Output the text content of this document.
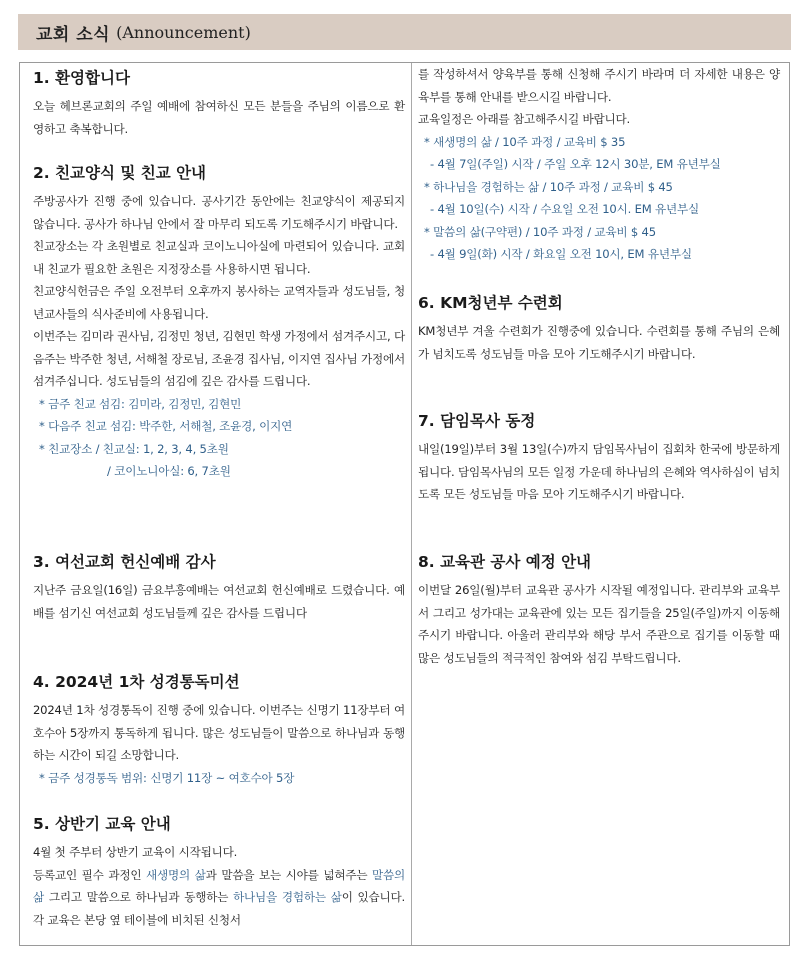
교회 소식 (Announcement)
1. 환영합니다

오늘 헤브론교회의 주일 예배에 참여하신 모든 분들을 주님의 이름으로 환영하고 축복합니다.

2. 친교양식 및 친교 안내

주방공사가 진행 중에 있습니다. 공사기간 동안에는 친교양식이 제공되지 않습니다. 공사가 하나님 안에서 잘 마무리 되도록 기도해주시기 바랍니다.

친교장소는 각 초원별로 친교실과 코이노니아실에 마련되어 있습니다. 교회 내 친교가 필요한 초원은 지정장소를 사용하시면 됩니다.

친교양식헌금은 주일 오전부터 오후까지 봉사하는 교역자들과 성도님들, 청년교사들의 식사준비에 사용됩니다.

이번주는 김미라 권사님, 김정민 청년, 김현민 학생 가정에서 섬겨주시고, 다음주는 박주한 청년, 서해철 장로님, 조윤경 집사님, 이지연 집사님 가정에서 섬겨주십니다. 성도님들의 섬김에 깊은 감사를 드립니다.

* 금주 친교 섬김: 김미라, 김정민, 김현민
* 다음주 친교 섬김: 박주한, 서해철, 조윤경, 이지연
* 친교장소 / 친교실: 1, 2, 3, 4, 5초원
/ 코이노니아실: 6, 7초원
3. 여선교회 헌신예배 감사

지난주 금요일(16일) 금요부흥예배는 여선교회 헌신예배로 드렸습니다. 예배를 섬기신 여선교회 성도님들께 깊은 감사를 드립니다

4. 2024년 1차 성경통독미션

2024년 1차 성경통독이 진행 중에 있습니다. 이번주는 신명기 11장부터 여호수아 5장까지 통독하게 됩니다. 많은 성도님들이 말씀으로 하나님과 동행하는 시간이 되길 소망합니다.

* 금주 성경통독 범위: 신명기 11장 ~ 여호수아 5장
5. 상반기 교육 안내

4월 첫 주부터 상반기 교육이 시작됩니다.

등록교인 필수 과정인 새생명의 삶과 말씀을 보는 시야를 넓혀주는 말씀의 삶 그리고 말씀으로 하나님과 동행하는 하나님을 경험하는 삶이 있습니다. 각 교육은 본당 옆 테이블에 비치된 신청서

를 작성하셔서 양육부를 통해 신청해 주시기 바라며 더 자세한 내용은 양육부를 통해 안내를 받으시길 바랍니다.

교육일정은 아래를 참고해주시길 바랍니다.

* 새생명의 삶 / 10주 과정 / 교육비 $ 35
- 4월 7일(주일) 시작 / 주일 오후 12시 30분, EM 유년부실
* 하나님을 경험하는 삶 / 10주 과정 / 교육비 $ 45
- 4월 10일(수) 시작 / 수요일 오전 10시. EM 유년부실
* 말씀의 삶(구약편) / 10주 과정 / 교육비 $ 45
- 4월 9일(화) 시작 / 화요일 오전 10시, EM 유년부실
6. KM청년부 수련회

KM청년부 겨울 수련회가 진행중에 있습니다. 수련회를 통해 주님의 은혜가 넘치도록 성도님들 마음 모아 기도해주시기 바랍니다.

7. 담임목사 동정

내일(19일)부터 3월 13일(수)까지 담임목사님이 집회차 한국에 방문하게 됩니다. 담임목사님의 모든 일정 가운데 하나님의 은혜와 역사하심이 넘치도록 모든 성도님들 마음 모아 기도해주시기 바랍니다.

8. 교육관 공사 예정 안내

이번달 26일(월)부터 교육관 공사가 시작될 예정입니다. 관리부와 교육부서 그리고 성가대는 교육관에 있는 모든 집기들을 25일(주일)까지 이동해주시기 바랍니다. 아울러 관리부와 해당 부서 주관으로 집기를 이동할 때 많은 성도님들의 적극적인 참여와 섬김 부탁드립니다.
